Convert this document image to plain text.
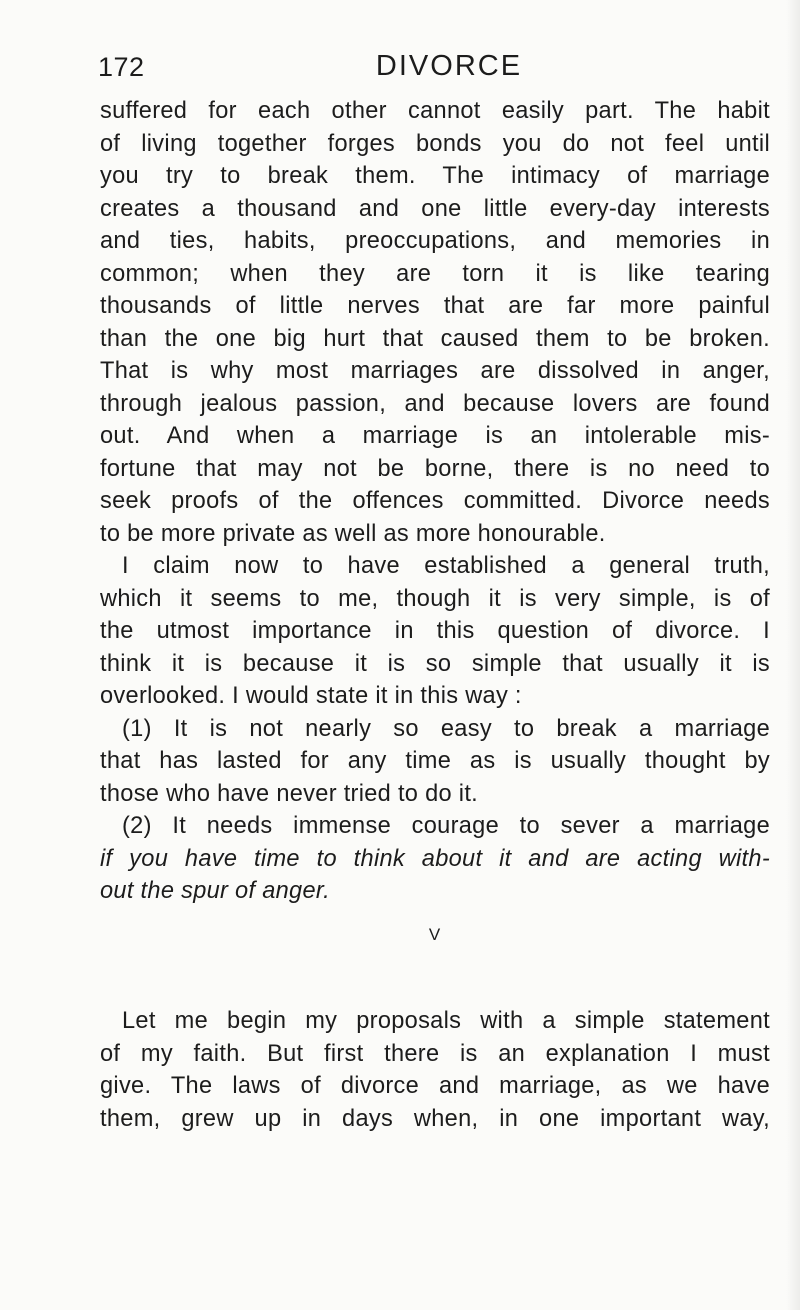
172	DIVORCE
suffered for each other cannot easily part. The habit
of living together forges bonds you do not feel until
you try to break them. The intimacy of marriage
creates a thousand and one little every-day interests
and ties, habits, preoccupations, and memories in
common; when they are torn it is like tearing
thousands of little nerves that are far more painful
than the one big hurt that caused them to be broken.
That is why most marriages are dissolved in anger,
through jealous passion, and because lovers are found
out. And when a marriage is an intolerable mis-
fortune that may not be borne, there is no need to
seek proofs of the offences committed. Divorce needs
to be more private as well as more honourable.
I claim now to have established a general truth,
which it seems to me, though it is very simple, is of
the utmost importance in this question of divorce. I
think it is because it is so simple that usually it is
overlooked. I would state it in this way :
(1) It is not nearly so easy to break a marriage
that has lasted for any time as is usually thought by
those who have never tried to do it.
(2) It needs immense courage to sever a marriage
if you have time to think about it and are acting with-
out the spur of anger.
V
Let me begin my proposals with a simple statement
of my faith. But first there is an explanation I must
give. The laws of divorce and marriage, as we have
them, grew up in days when, in one important way,
